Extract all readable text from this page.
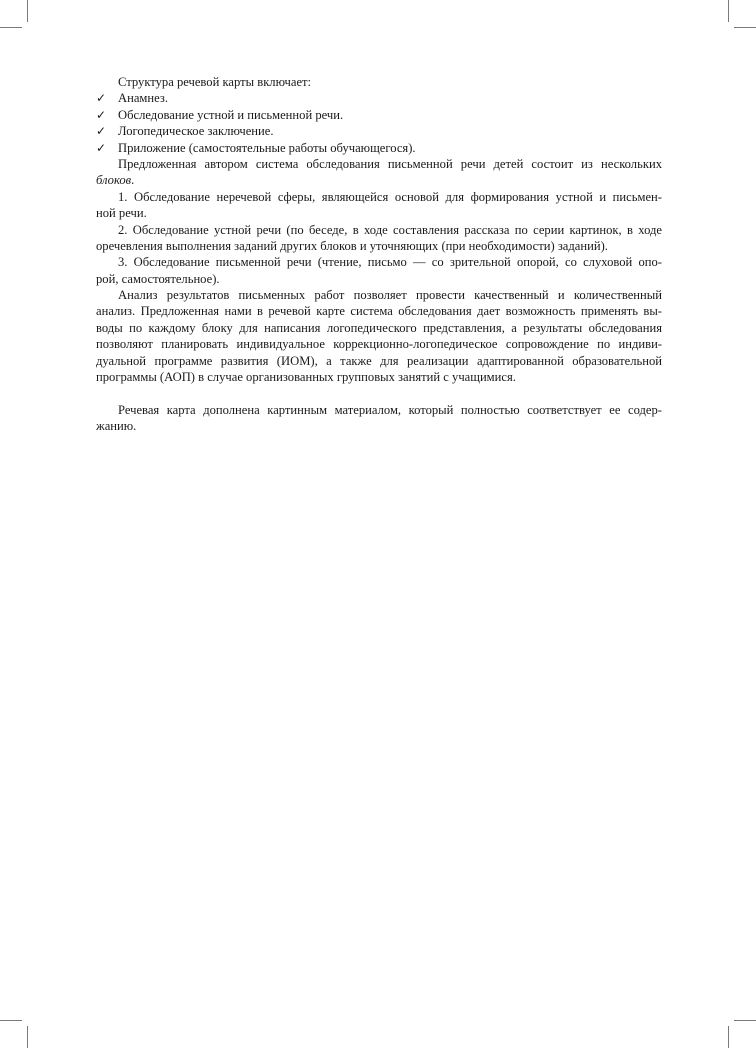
Структура речевой карты включает:
✓ Анамнез.
✓ Обследование устной и письменной речи.
✓ Логопедическое заключение.
✓ Приложение (самостоятельные работы обучающегося).
Предложенная автором система обследования письменной речи детей состоит из нескольких
блоков.
1. Обследование неречевой сферы, являющейся основой для формирования устной и письмен-
ной речи.
2. Обследование устной речи (по беседе, в ходе составления рассказа по серии картинок, в ходе
оречевления выполнения заданий других блоков и уточняющих (при необходимости) заданий).
3. Обследование письменной речи (чтение, письмо — со зрительной опорой, со слуховой опо-
рой, самостоятельное).
Анализ результатов письменных работ позволяет провести качественный и количественный
анализ. Предложенная нами в речевой карте система обследования дает возможность применять вы-
воды по каждому блоку для написания логопедического представления, а результаты обследования
позволяют планировать индивидуальное коррекционно-логопедическое сопровождение по индиви-
дуальной программе развития (ИОМ), а также для реализации адаптированной образовательной
программы (АОП) в случае организованных групповых занятий с учащимися.
Речевая карта дополнена картинным материалом, который полностью соответствует ее содер-
жанию.
